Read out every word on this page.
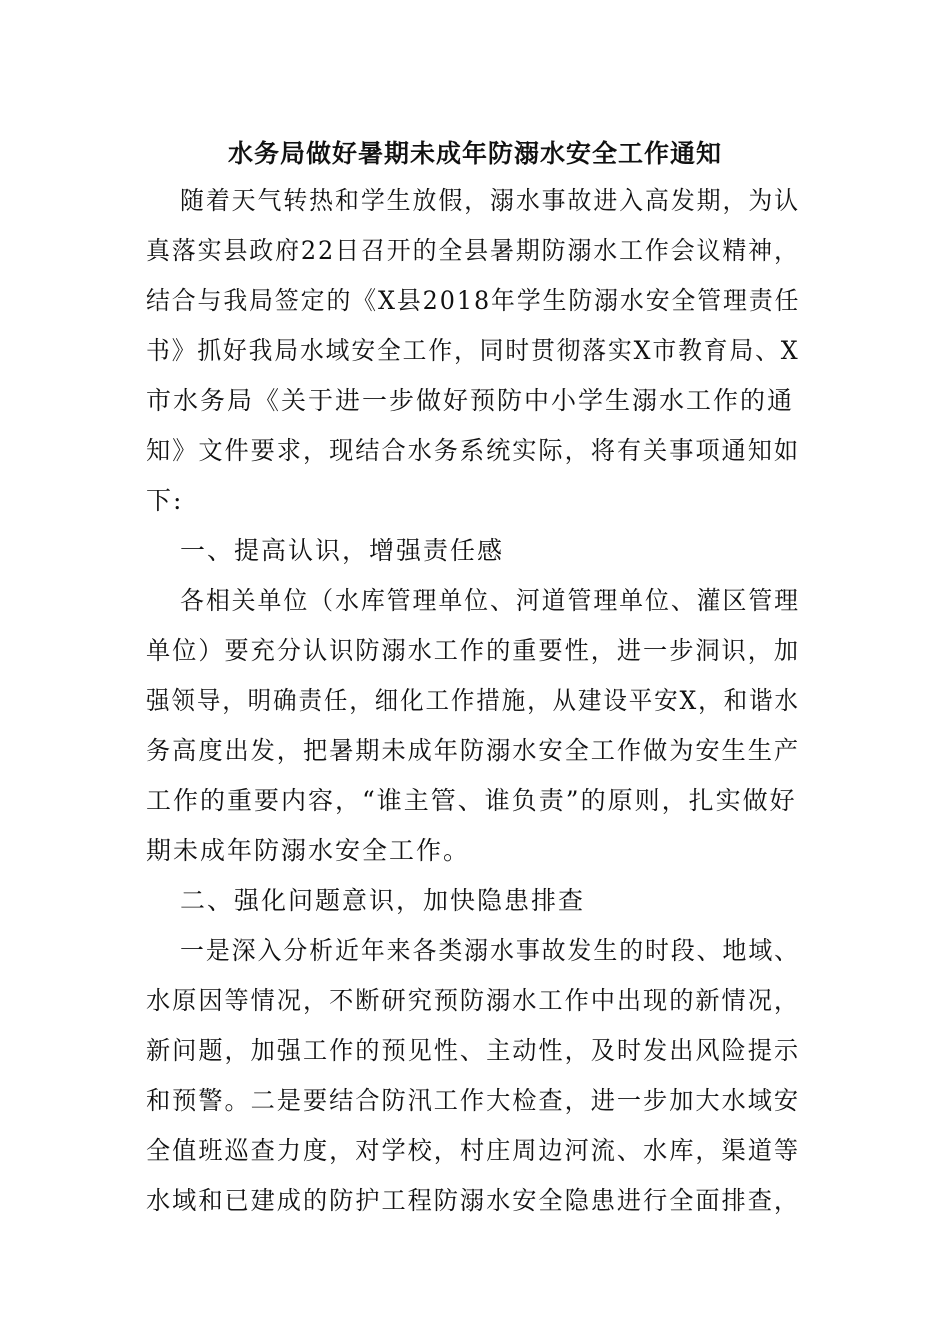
水务局做好暑期未成年防溺水安全工作通知
随着天气转热和学生放假，溺水事故进入高发期，为认
真落实县政府22日召开的全县暑期防溺水工作会议精神，
结合与我局签定的《X县2018年学生防溺水安全管理责任
书》抓好我局水域安全工作，同时贯彻落实X市教育局、X
市水务局《关于进一步做好预防中小学生溺水工作的通
知》文件要求，现结合水务系统实际，将有关事项通知如
下:
一、提高认识，增强责任感
各相关单位（水库管理单位、河道管理单位、灌区管理
单位）要充分认识防溺水工作的重要性，进一步洞识，加
强领导，明确责任，细化工作措施，从建设平安X，和谐水
务高度出发，把暑期未成年防溺水安全工作做为安生生产
工作的重要内容，“谁主管、谁负责”的原则，扎实做好
期未成年防溺水安全工作。
二、强化问题意识，加快隐患排查
一是深入分析近年来各类溺水事故发生的时段、地域、
水原因等情况，不断研究预防溺水工作中出现的新情况，
新问题，加强工作的预见性、主动性，及时发出风险提示
和预警。二是要结合防汛工作大检查，进一步加大水域安
全值班巡查力度，对学校，村庄周边河流、水库，渠道等
水域和已建成的防护工程防溺水安全隐患进行全面排查，
